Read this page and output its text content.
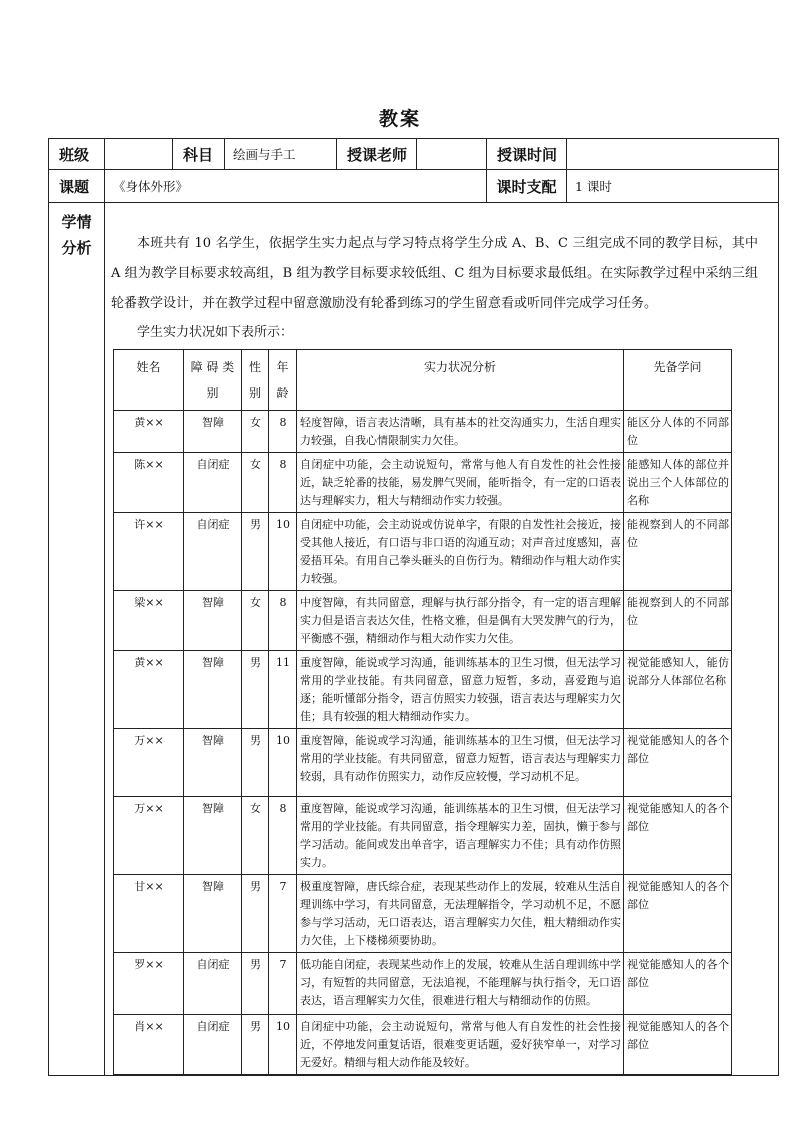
教案
班级		科目	绘画与手工	授课老师		授课时间	
课题	《身体外形》	课时支配	1 课时

学情
分析	本班共有 10 名学生，依据学生实力起点与学习特点将学生分成 A、B、C 三组完成不同的教学目标，其中 A 组为教学目标要求较高组，B 组为教学目标要求较低组、C 组为目标要求最低组。在实际教学过程中采纳三组轮番教学设计，并在教学过程中留意激励没有轮番到练习的学生留意看或听同伴完成学习任务。

学生实力状况如下表所示：

姓名	障 碍 类 别	性别	年龄	实力状况分析	先备学问
黄××	智障	女	8	轻度智障，语言表达清晰，具有基本的社交沟通实力，生活自理实力较强，自我心情限制实力欠佳。	能区分人体的不同部位
陈××	自闭症	女	8	自闭症中功能，会主动说短句，常常与他人有自发性的社会性接近，缺乏轮番的技能，易发脾气哭闹，能听指令，有一定的口语表达与理解实力，粗大与精细动作实力较强。	能感知人体的部位并说出三个人体部位的名称
许××	自闭症	男	10	自闭症中功能，会主动说或仿说单字，有限的自发性社会接近，接受其他人接近，有口语与非口语的沟通互动；对声音过度感知，喜爱捂耳朵。有用自己拳头砸头的自伤行为。精细动作与粗大动作实力较强。	能视察到人的不同部位
梁××	智障	女	8	中度智障，有共同留意，理解与执行部分指令，有一定的语言理解实力但是语言表达欠佳，性格文雅，但是偶有大哭发脾气的行为，平衡感不强，精细动作与粗大动作实力欠佳。	能视察到人的不同部位
黄××	智障	男	11	重度智障，能说或学习沟通，能训练基本的卫生习惯，但无法学习常用的学业技能。有共同留意，留意力短暂，多动，喜爱跑与追逐；能听懂部分指令，语言仿照实力较强，语言表达与理解实力欠佳；具有较强的粗大精细动作实力。	视觉能感知人，能仿说部分人体部位名称
万××	智障	男	10	重度智障，能说或学习沟通，能训练基本的卫生习惯，但无法学习常用的学业技能。有共同留意，留意力短暂，语言表达与理解实力较弱，具有动作仿照实力，动作反应较慢，学习动机不足。	视觉能感知人的各个部位
万××	智障	女	8	重度智障，能说或学习沟通，能训练基本的卫生习惯，但无法学习常用的学业技能。有共同留意，指令理解实力差，固执，懒于参与学习活动。能间或发出单音字，语言理解实力不佳；具有动作仿照实力。	视觉能感知人的各个部位
甘××	智障	男	7	极重度智障，唐氏综合症，表现某些动作上的发展，较难从生活自理训练中学习，有共同留意，无法理解指令，学习动机不足，不愿参与学习活动，无口语表达，语言理解实力欠佳，粗大精细动作实力欠佳，上下楼梯须要协助。	视觉能感知人的各个部位
罗××	自闭症	男	7	低功能自闭症，表现某些动作上的发展，较难从生活自理训练中学习，有短暂的共同留意，无法追视，不能理解与执行指令，无口语表达，语言理解实力欠佳，很难进行粗大与精细动作的仿照。	视觉能感知人的各个部位
肖××	自闭症	男	10	自闭症中功能，会主动说短句，常常与他人有自发性的社会性接近，不停地发问重复话语，很难变更话题，爱好狭窄单一，对学习无爱好。精细与粗大动作能及较好。	视觉能感知人的各个部位
